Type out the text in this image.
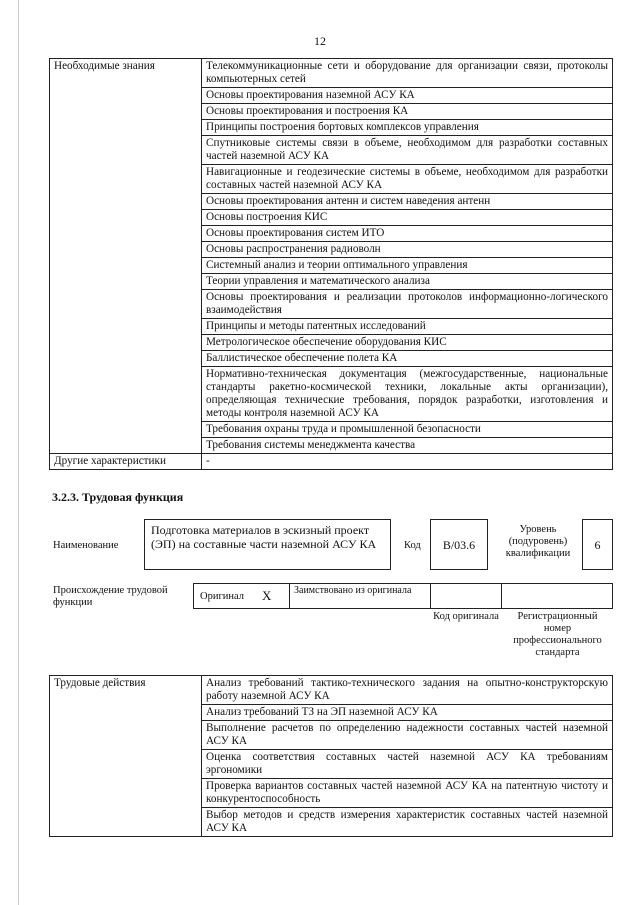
12
Необходимые знания	Телекоммуникационные сети и оборудование для организации связи, протоколы компьютерных сетей
	Основы проектирования наземной АСУ КА
	Основы проектирования и построения КА
	Принципы построения бортовых комплексов управления
	Спутниковые системы связи в объеме, необходимом для разработки составных частей наземной АСУ КА
	Навигационные и геодезические системы в объеме, необходимом для разработки составных частей наземной АСУ КА
	Основы проектирования антенн и систем наведения антенн
	Основы построения КИС
	Основы проектирования систем ИТО
	Основы распространения радиоволн
	Системный анализ и теории оптимального управления
	Теории управления и математического анализа
	Основы проектирования и реализации протоколов информационно-логического взаимодействия
	Принципы и методы патентных исследований
	Метрологическое обеспечение оборудования КИС
	Баллистическое обеспечение полета КА
	Нормативно-техническая документация (межгосударственные, национальные стандарты ракетно-космической техники, локальные акты организации), определяющая технические требования, порядок разработки, изготовления и методы контроля наземной АСУ КА
	Требования охраны труда и промышленной безопасности
	Требования системы менеджмента качества
Другие характеристики	-
3.2.3. Трудовая функция
Наименование
Подготовка материалов в эскизный проект (ЭП) на составные части наземной АСУ КА	Код	В/03.6
Уровень (подуровень) квалификации
6
Происхождение трудовой функции
Оригинал X	Заимствовано из оригинала
Код оригинала	Регистрационный номер профессионального стандарта
Трудовые действия	Анализ требований тактико-технического задания на опытно-конструкторскую работу наземной АСУ КА
Анализ требований ТЗ на ЭП наземной АСУ КА
Выполнение расчетов по определению надежности составных частей наземной АСУ КА
Оценка соответствия составных частей наземной АСУ КА требованиям эргономики
Проверка вариантов составных частей наземной АСУ КА на патентную чистоту и конкурентоспособность
Выбор методов и средств измерения характеристик составных частей наземной АСУ КА
